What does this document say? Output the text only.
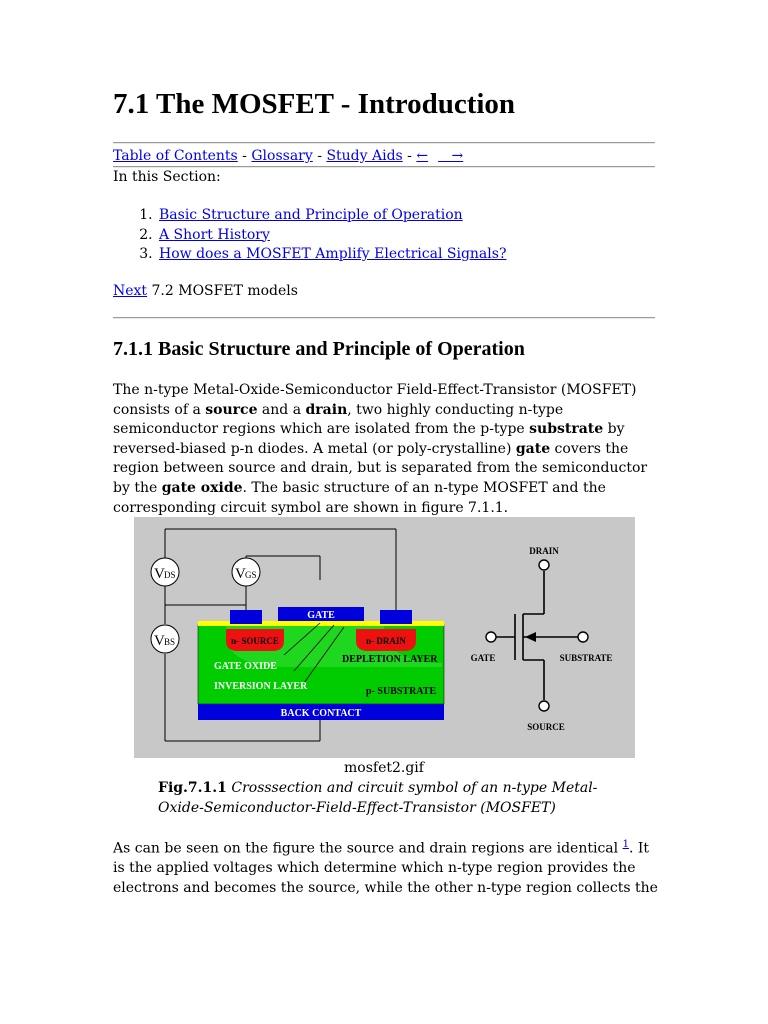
7.1 The MOSFET - Introduction
Table of Contents - Glossary - Study Aids - ← →
In this Section:
1. Basic Structure and Principle of Operation
2. A Short History
3. How does a MOSFET Amplify Electrical Signals?
Next 7.2 MOSFET models
7.1.1 Basic Structure and Principle of Operation
The n-type Metal-Oxide-Semiconductor Field-Effect-Transistor (MOSFET) consists of a source and a drain, two highly conducting n-type semiconductor regions which are isolated from the p-type substrate by reversed-biased p-n diodes. A metal (or poly-crystalline) gate covers the region between source and drain, but is separated from the semiconductor by the gate oxide. The basic structure of an n-type MOSFET and the corresponding circuit symbol are shown in figure 7.1.1.
V DS	V GS
V BS
BACK CONTACT
n- SOURCE	n- DRAIN
GATE
GATE OXIDE
INVERSION LAYER
DEPLETION LAYER
p- SUBSTRATE
DRAIN
GATE	SUBSTRATE
SOURCE
mosfet2.gif
Fig.7.1.1 Crosssection and circuit symbol of an n-type Metal-Oxide-Semiconductor-Field-Effect-Transistor (MOSFET)
As can be seen on the figure the source and drain regions are identical $^1$. It is the applied voltages which determine which n-type region provides the electrons and becomes the source, while the other n-type region collects the
